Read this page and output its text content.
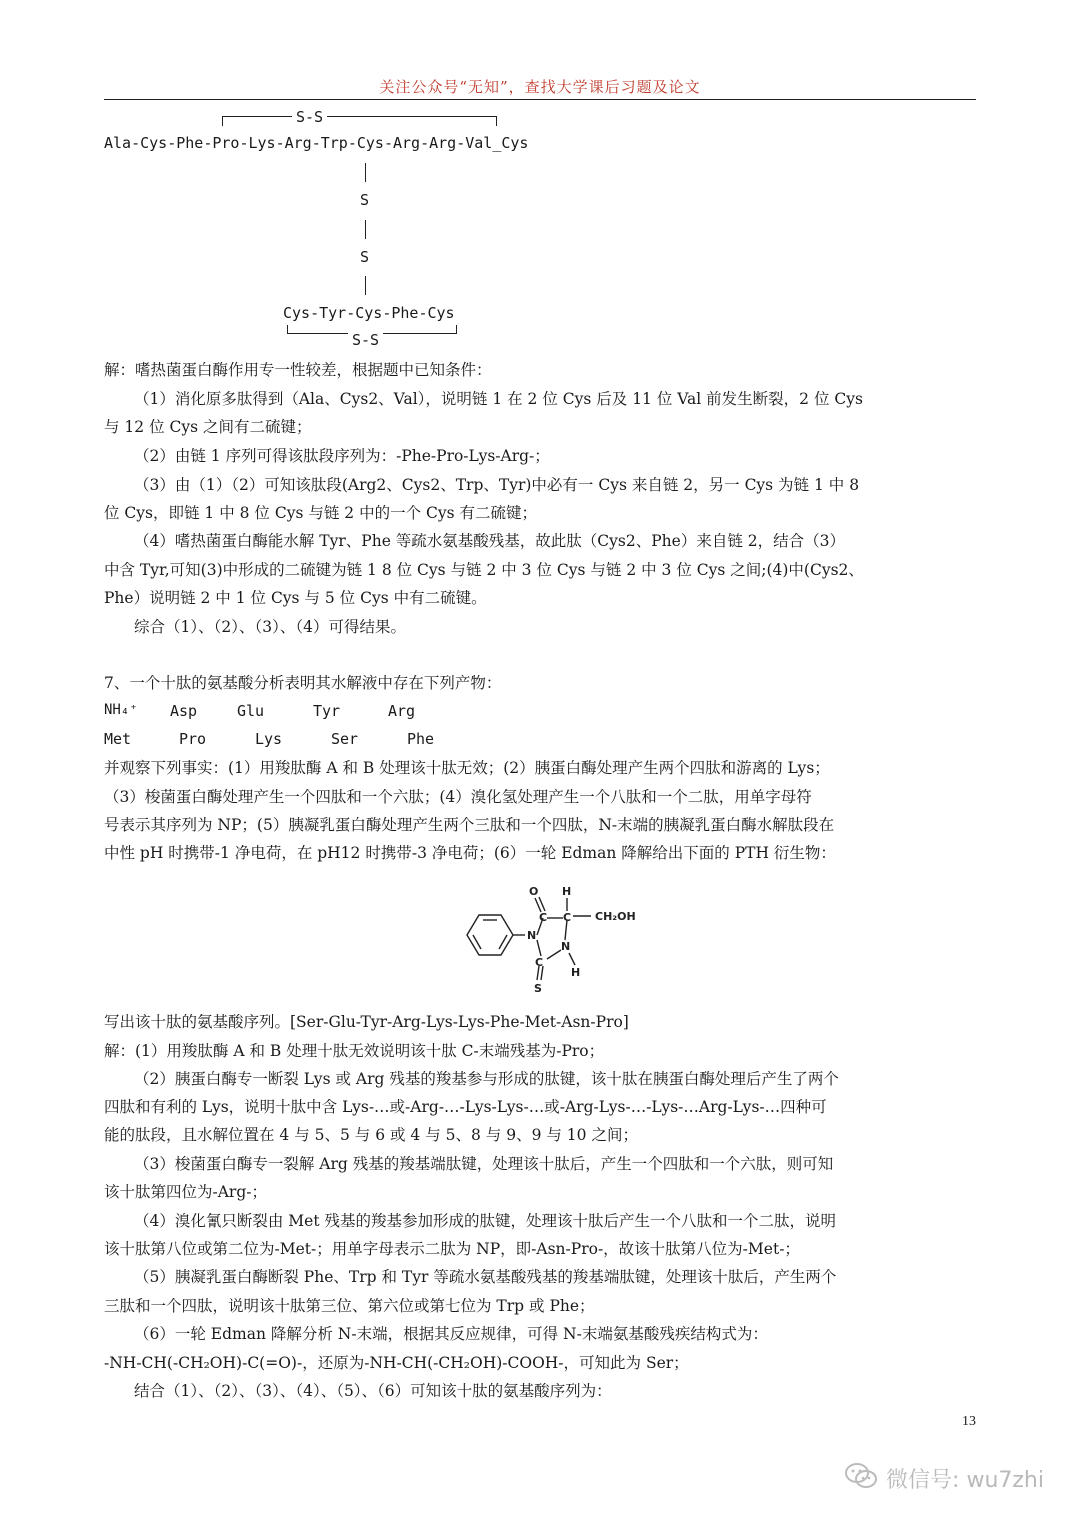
关注公众号“无知”，查找大学课后习题及论文
S-S
Ala-Cys-Phe-Pro-Lys-Arg-Trp-Cys-Arg-Arg-Val_Cys
S
S
Cys-Tyr-Cys-Phe-Cys
S-S
解：嗜热菌蛋白酶作用专一性较差，根据题中已知条件：
（1）消化原多肽得到（Ala、Cys2、Val），说明链 1 在 2 位 Cys 后及 11 位 Val 前发生断裂，2 位 Cys
与 12 位 Cys 之间有二硫键；
（2）由链 1 序列可得该肽段序列为：-Phe-Pro-Lys-Arg-；
（3）由（1）（2）可知该肽段(Arg2、Cys2、Trp、Tyr)中必有一 Cys 来自链 2，另一 Cys 为链 1 中 8
位 Cys，即链 1 中 8 位 Cys 与链 2 中的一个 Cys 有二硫键；
（4）嗜热菌蛋白酶能水解 Tyr、Phe 等疏水氨基酸残基，故此肽（Cys2、Phe）来自链 2，结合（3）
中含 Tyr,可知(3)中形成的二硫键为链 1 8 位 Cys 与链 2 中 3 位 Cys 与链 2 中 3 位 Cys 之间;(4)中(Cys2、
Phe）说明链 2 中 1 位 Cys 与 5 位 Cys 中有二硫键。
综合（1）、（2）、（3）、（4）可得结果。
7、一个十肽的氨基酸分析表明其水解液中存在下列产物：
NH₄⁺ Asp	Glu	Tyr	Arg
Met	Pro	Lys	Ser	Phe
并观察下列事实：(1）用羧肽酶 A 和 B 处理该十肽无效；(2）胰蛋白酶处理产生两个四肽和游离的 Lys；
（3）梭菌蛋白酶处理产生一个四肽和一个六肽；(4）溴化氢处理产生一个八肽和一个二肽，用单字母符
号表示其序列为 NP；(5）胰凝乳蛋白酶处理产生两个三肽和一个四肽，N-末端的胰凝乳蛋白酶水解肽段在
中性 pH 时携带-1 净电荷，在 pH12 时携带-3 净电荷；(6）一轮 Edman 降解给出下面的 PTH 衍生物：
O H
C C CH₂OH
N
N
C
S
H
写出该十肽的氨基酸序列。[Ser-Glu-Tyr-Arg-Lys-Lys-Phe-Met-Asn-Pro]
解：(1）用羧肽酶 A 和 B 处理十肽无效说明该十肽 C-末端残基为-Pro；
（2）胰蛋白酶专一断裂 Lys 或 Arg 残基的羧基参与形成的肽键，该十肽在胰蛋白酶处理后产生了两个
四肽和有利的 Lys，说明十肽中含 Lys-…或-Arg-…-Lys-Lys-…或-Arg-Lys-…-Lys-…Arg-Lys-…四种可
能的肽段，且水解位置在 4 与 5、5 与 6 或 4 与 5、8 与 9、9 与 10 之间；
（3）梭菌蛋白酶专一裂解 Arg 残基的羧基端肽键，处理该十肽后，产生一个四肽和一个六肽，则可知
该十肽第四位为-Arg-；
（4）溴化氰只断裂由 Met 残基的羧基参加形成的肽键，处理该十肽后产生一个八肽和一个二肽，说明
该十肽第八位或第二位为-Met-；用单字母表示二肽为 NP，即-Asn-Pro-，故该十肽第八位为-Met-；
（5）胰凝乳蛋白酶断裂 Phe、Trp 和 Tyr 等疏水氨基酸残基的羧基端肽键，处理该十肽后，产生两个
三肽和一个四肽，说明该十肽第三位、第六位或第七位为 Trp 或 Phe；
（6）一轮 Edman 降解分析 N-末端，根据其反应规律，可得 N-末端氨基酸残疾结构式为：
-NH-CH(-CH₂OH)-C(=O)-，还原为-NH-CH(-CH₂OH)-COOH-，可知此为 Ser；
结合（1）、（2）、（3）、（4）、（5）、（6）可知该十肽的氨基酸序列为：
13
微信号: wu7zhi
